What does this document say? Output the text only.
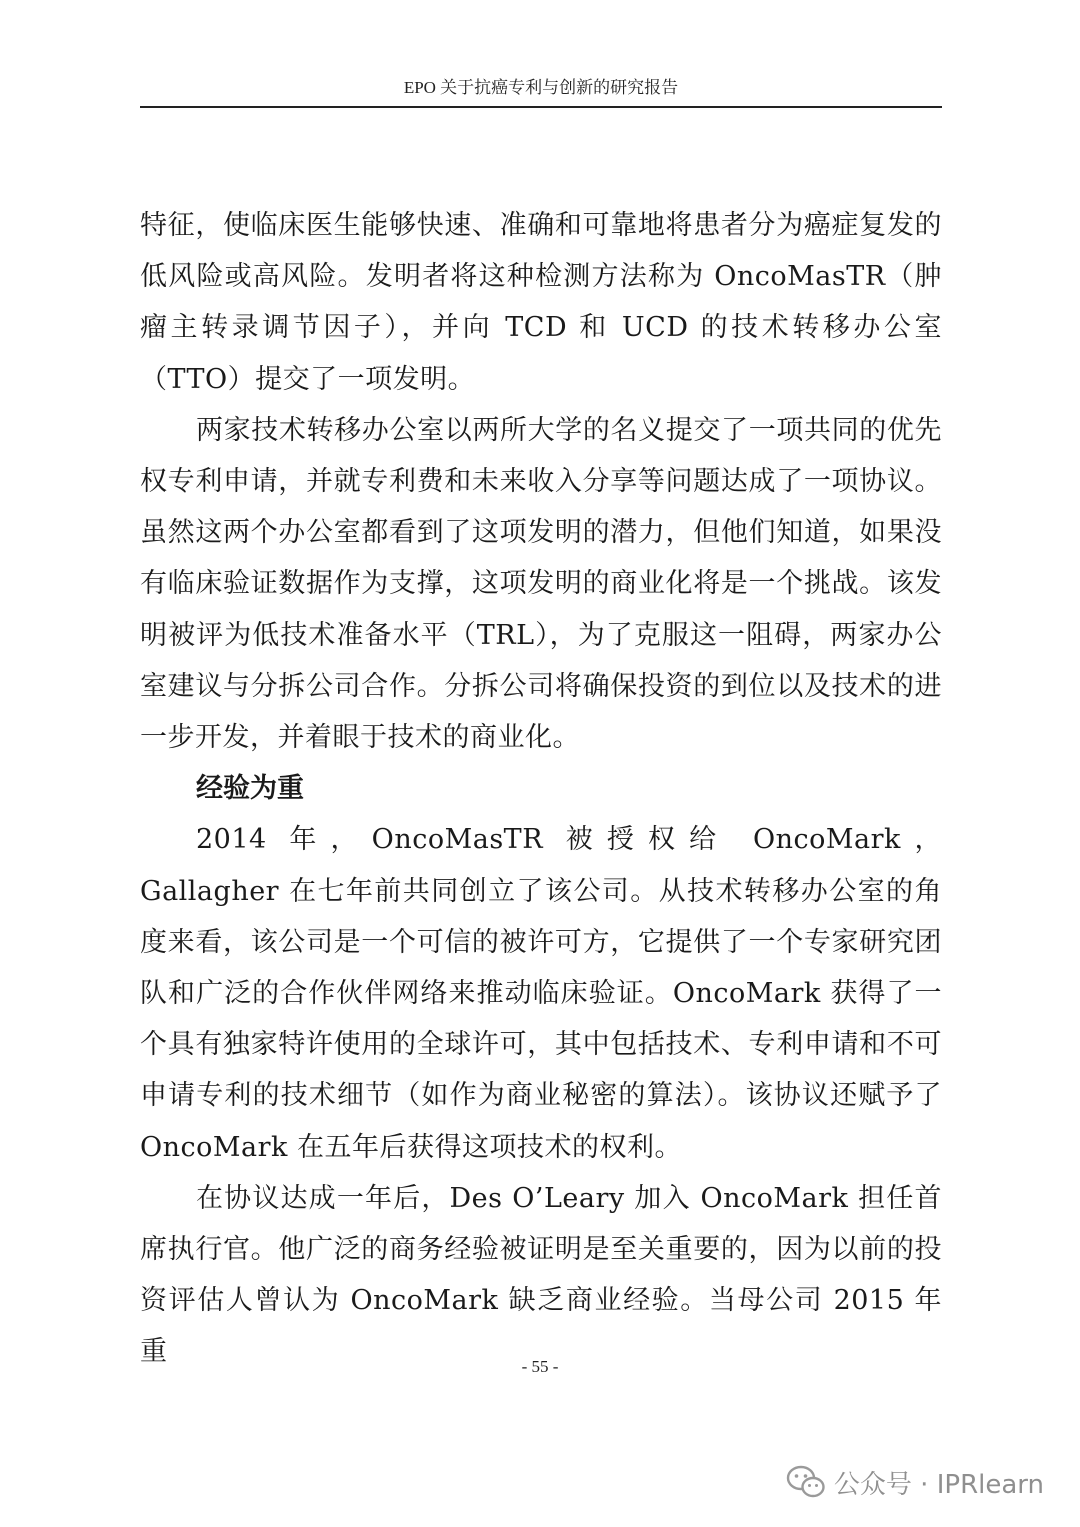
EPO 关于抗癌专利与创新的研究报告

特征，使临床医生能够快速、准确和可靠地将患者分为癌症复发的低风险或高风险。发明者将这种检测方法称为 OncoMasTR（肿瘤主转录调节因子），并向 TCD 和 UCD 的技术转移办公室（TTO）提交了一项发明。

两家技术转移办公室以两所大学的名义提交了一项共同的优先权专利申请，并就专利费和未来收入分享等问题达成了一项协议。虽然这两个办公室都看到了这项发明的潜力，但他们知道，如果没有临床验证数据作为支撑，这项发明的商业化将是一个挑战。该发明被评为低技术准备水平（TRL），为了克服这一阻碍，两家办公室建议与分拆公司合作。分拆公司将确保投资的到位以及技术的进一步开发，并着眼于技术的商业化。

经验为重

2014 年，OncoMasTR 被授权给 OncoMark，Gallagher 在七年前共同创立了该公司。从技术转移办公室的角度来看，该公司是一个可信的被许可方，它提供了一个专家研究团队和广泛的合作伙伴网络来推动临床验证。OncoMark 获得了一个具有独家特许使用的全球许可，其中包括技术、专利申请和不可申请专利的技术细节（如作为商业秘密的算法）。该协议还赋予了 OncoMark 在五年后获得这项技术的权利。

在协议达成一年后，Des O’Leary 加入 OncoMark 担任首席执行官。他广泛的商务经验被证明是至关重要的，因为以前的投资评估人曾认为 OncoMark 缺乏商业经验。当母公司 2015 年重	- 55 -
公众号 · IPRlearn
